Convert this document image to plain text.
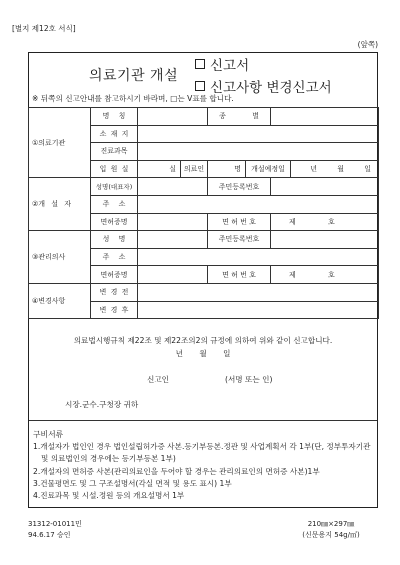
[별지 제12호 서식]
(앞쪽)
의료기관 개설
신고서
신고사항 변경신고서
※ 뒤쪽의 신고안내를 참고하시기 바라며, □는 V표를 합니다.
①의료기관	명 칭			종 별			
	소 재 지						
	진료과목						
	입 원 실	실	의료인	명	개설예정일		년 월 일
②개 설 자	성명(대표자)			주민등록번호			
	주 소						
	면허증명			면 허 번 호		제 호	
③관리의사	성 명			주민등록번호			
	주 소						
	면허증명			면 허 번 호		제 호	
④변경사항	변 경 전						
	변 경 후						
의료법시행규칙 제22조 및 제22조의2의 규정에 의하여 위와 같이 신고합니다.
년 월 일
신고인	(서명 또는 인)
시장.군수.구청장 귀하
구비서류
1.개설자가 법인인 경우 법인설립허가증 사본.등기부등본.정관 및 사업계획서 각 1부(단, 정부투자기관 및 의료법인의 경우에는 등기부등본 1부)
2.개설자의 면허증 사본(관리의료인을 두어야 할 경우는 관리의료인의 면허증 사본)1부
3.건물평면도 및 그 구조설명서(각실 면적 및 용도 표시) 1부
4.진료과목 및 시설.정원 등의 개요설명서 1부
31312-01011민
94.6.17 승인
210㎜×297㎜
(신문용지 54g/㎡)
